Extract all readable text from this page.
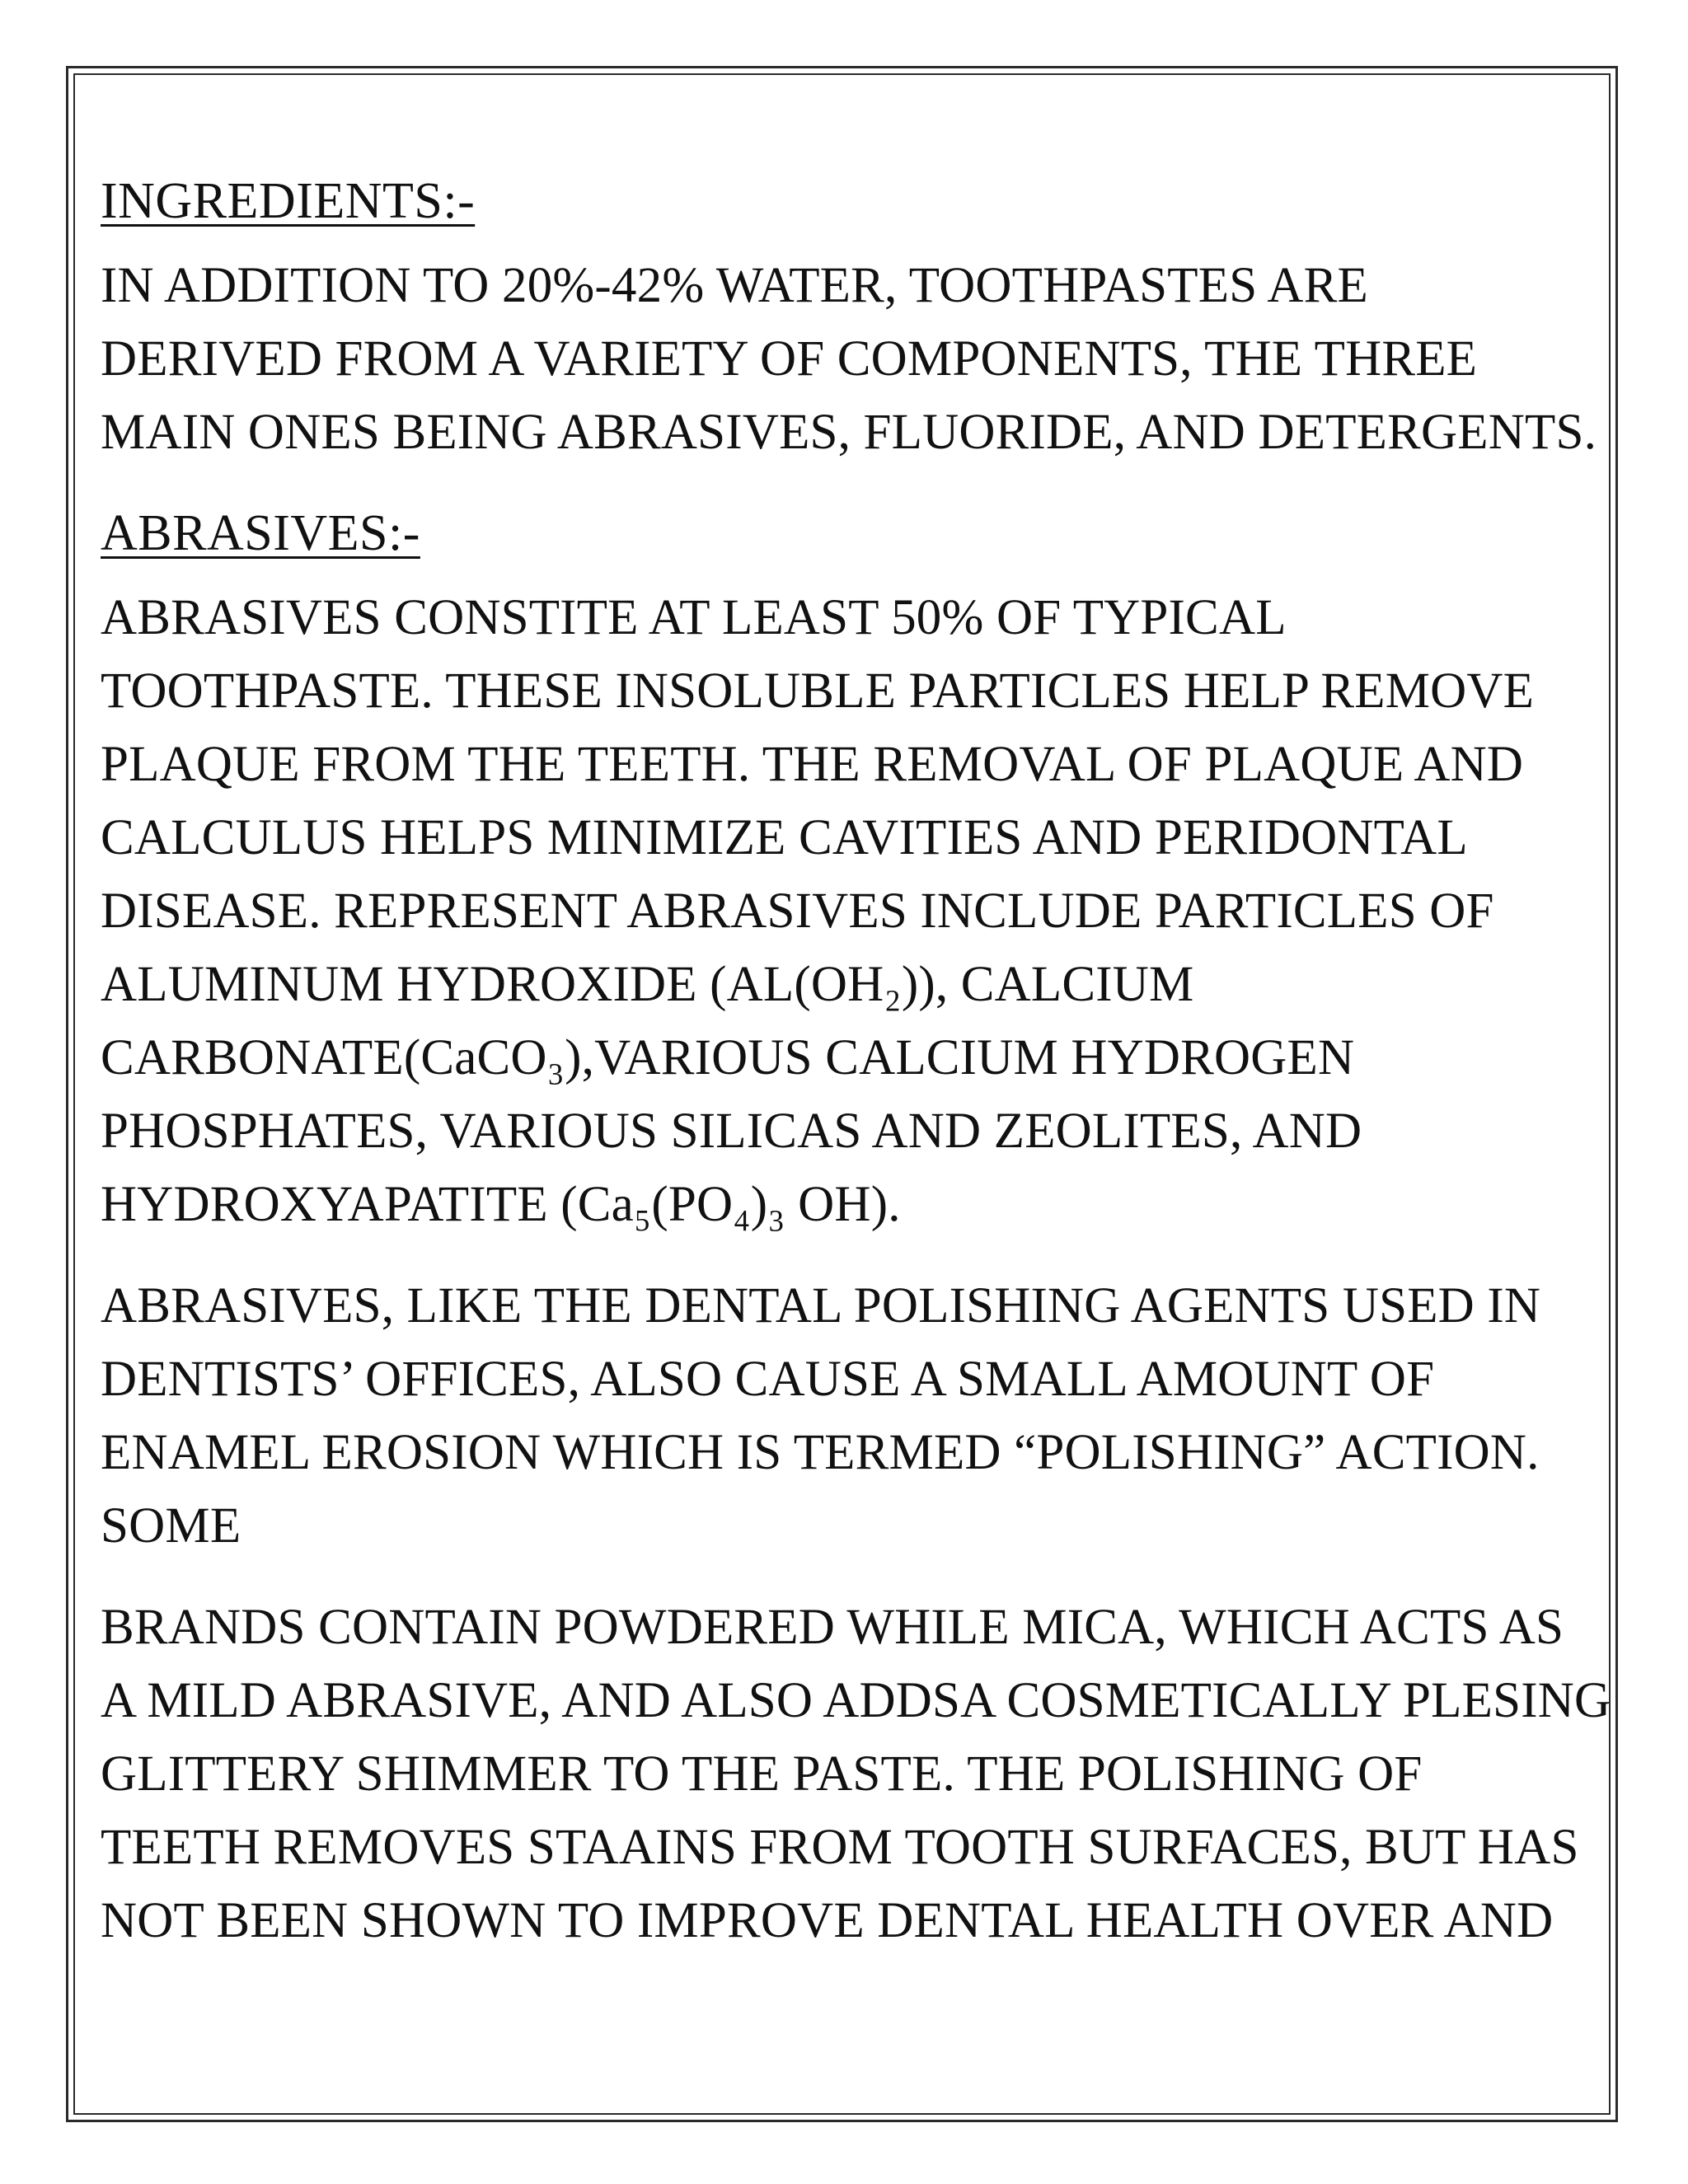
INGREDIENTS:-
IN ADDITION TO 20%-42% WATER, TOOTHPASTES ARE
DERIVED FROM A VARIETY OF COMPONENTS, THE THREE
MAIN ONES BEING ABRASIVES, FLUORIDE, AND DETERGENTS.
ABRASIVES:-
ABRASIVES CONSTITE AT LEAST 50% OF TYPICAL
TOOTHPASTE. THESE INSOLUBLE PARTICLES HELP REMOVE
PLAQUE FROM THE TEETH. THE REMOVAL OF PLAQUE AND
CALCULUS HELPS MINIMIZE CAVITIES AND PERIDONTAL
DISEASE. REPRESENT ABRASIVES INCLUDE PARTICLES OF
ALUMINUM HYDROXIDE (AL(OH₂)), CALCIUM
CARBONATE(CaCO₃),VARIOUS CALCIUM HYDROGEN
PHOSPHATES, VARIOUS SILICAS AND ZEOLITES, AND
HYDROXYAPATITE (Ca₅(PO₄)₃ OH).
ABRASIVES, LIKE THE DENTAL POLISHING AGENTS USED IN
DENTISTS’ OFFICES, ALSO CAUSE A SMALL AMOUNT OF
ENAMEL EROSION WHICH IS TERMED “POLISHING” ACTION.
SOME
BRANDS CONTAIN POWDERED WHILE MICA, WHICH ACTS AS
A MILD ABRASIVE, AND ALSO ADDSA COSMETICALLY PLESING
GLITTERY SHIMMER TO THE PASTE. THE POLISHING OF
TEETH REMOVES STAAINS FROM TOOTH SURFACES, BUT HAS
NOT BEEN SHOWN TO IMPROVE DENTAL HEALTH OVER AND
